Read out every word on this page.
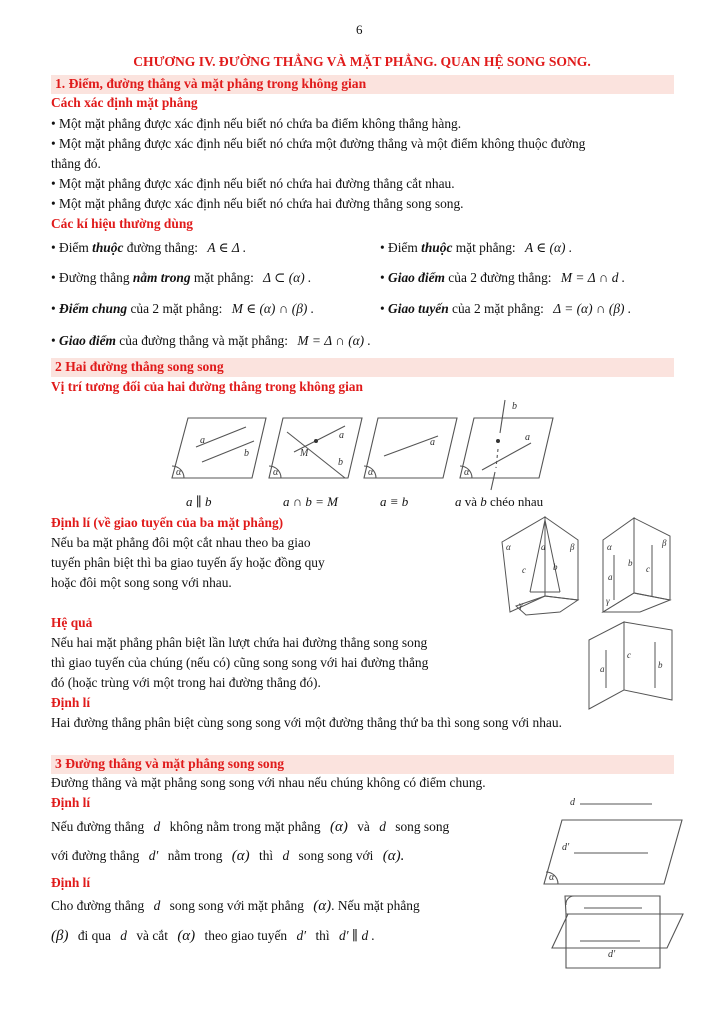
6
CHƯƠNG IV. ĐƯỜNG THẲNG VÀ MẶT PHẲNG. QUAN HỆ SONG SONG.
1. Điểm, đường thẳng và mặt phẳng trong không gian
Cách xác định mặt phẳng
• Một mặt phẳng được xác định nếu biết nó chứa ba điểm không thẳng hàng.
• Một mặt phẳng được xác định nếu biết nó chứa một đường thẳng và một điểm không thuộc đường
thẳng đó.
• Một mặt phẳng được xác định nếu biết nó chứa hai đường thẳng cắt nhau.
• Một mặt phẳng được xác định nếu biết nó chứa hai đường thẳng song song.
Các kí hiệu thường dùng
• Điểm thuộc đường thẳng: A ∈ Δ .	• Điểm thuộc mặt phẳng: A ∈ (α) .
• Đường thẳng nằm trong mặt phẳng: Δ ⊂ (α) .	• Giao điểm của 2 đường thẳng: M = Δ ∩ d .
• Điểm chung của 2 mặt phẳng: M ∈ (α) ∩ (β) .	• Giao tuyến của 2 mặt phẳng: Δ = (α) ∩ (β) .
• Giao điểm của đường thẳng và mặt phẳng: M = Δ ∩ (α) .
2 Hai đường thẳng song song
Vị trí tương đối của hai đường thẳng trong không gian
a
b
a
b
M
a	a
b
α	α	α	α
a ∥ b	a ∩ b = M	a ≡ b	a và b chéo nhau
Định lí (về giao tuyến của ba mặt phẳng)
Nếu ba mặt phẳng đôi một cắt nhau theo ba giao
tuyến phân biệt thì ba giao tuyến ấy hoặc đồng quy
hoặc đôi một song song với nhau.
α	β
γ
c	b
a	α	β
γ
a
b
c
a
c
b
Hệ quả
Nếu hai mặt phẳng phân biệt lần lượt chứa hai đường thẳng song song
thì giao tuyến của chúng (nếu có) cũng song song với hai đường thẳng
đó (hoặc trùng với một trong hai đường thẳng đó).
Định lí
Hai đường thẳng phân biệt cùng song song với một đường thẳng thứ ba thì song song với nhau.
3 Đường thẳng và mặt phẳng song song
Đường thẳng và mặt phẳng song song với nhau nếu chúng không có điểm chung.
Định lí
Nếu đường thẳng d không nằm trong mặt phẳng (α) và d song song
với đường thẳng d′ nằm trong (α) thì d song song với (α).
Định lí
Cho đường thẳng d song song với mặt phẳng (α). Nếu mặt phẳng
(β) đi qua d và cắt (α) theo giao tuyến d′ thì d′ ∥ d .
d
d′
α
d′
